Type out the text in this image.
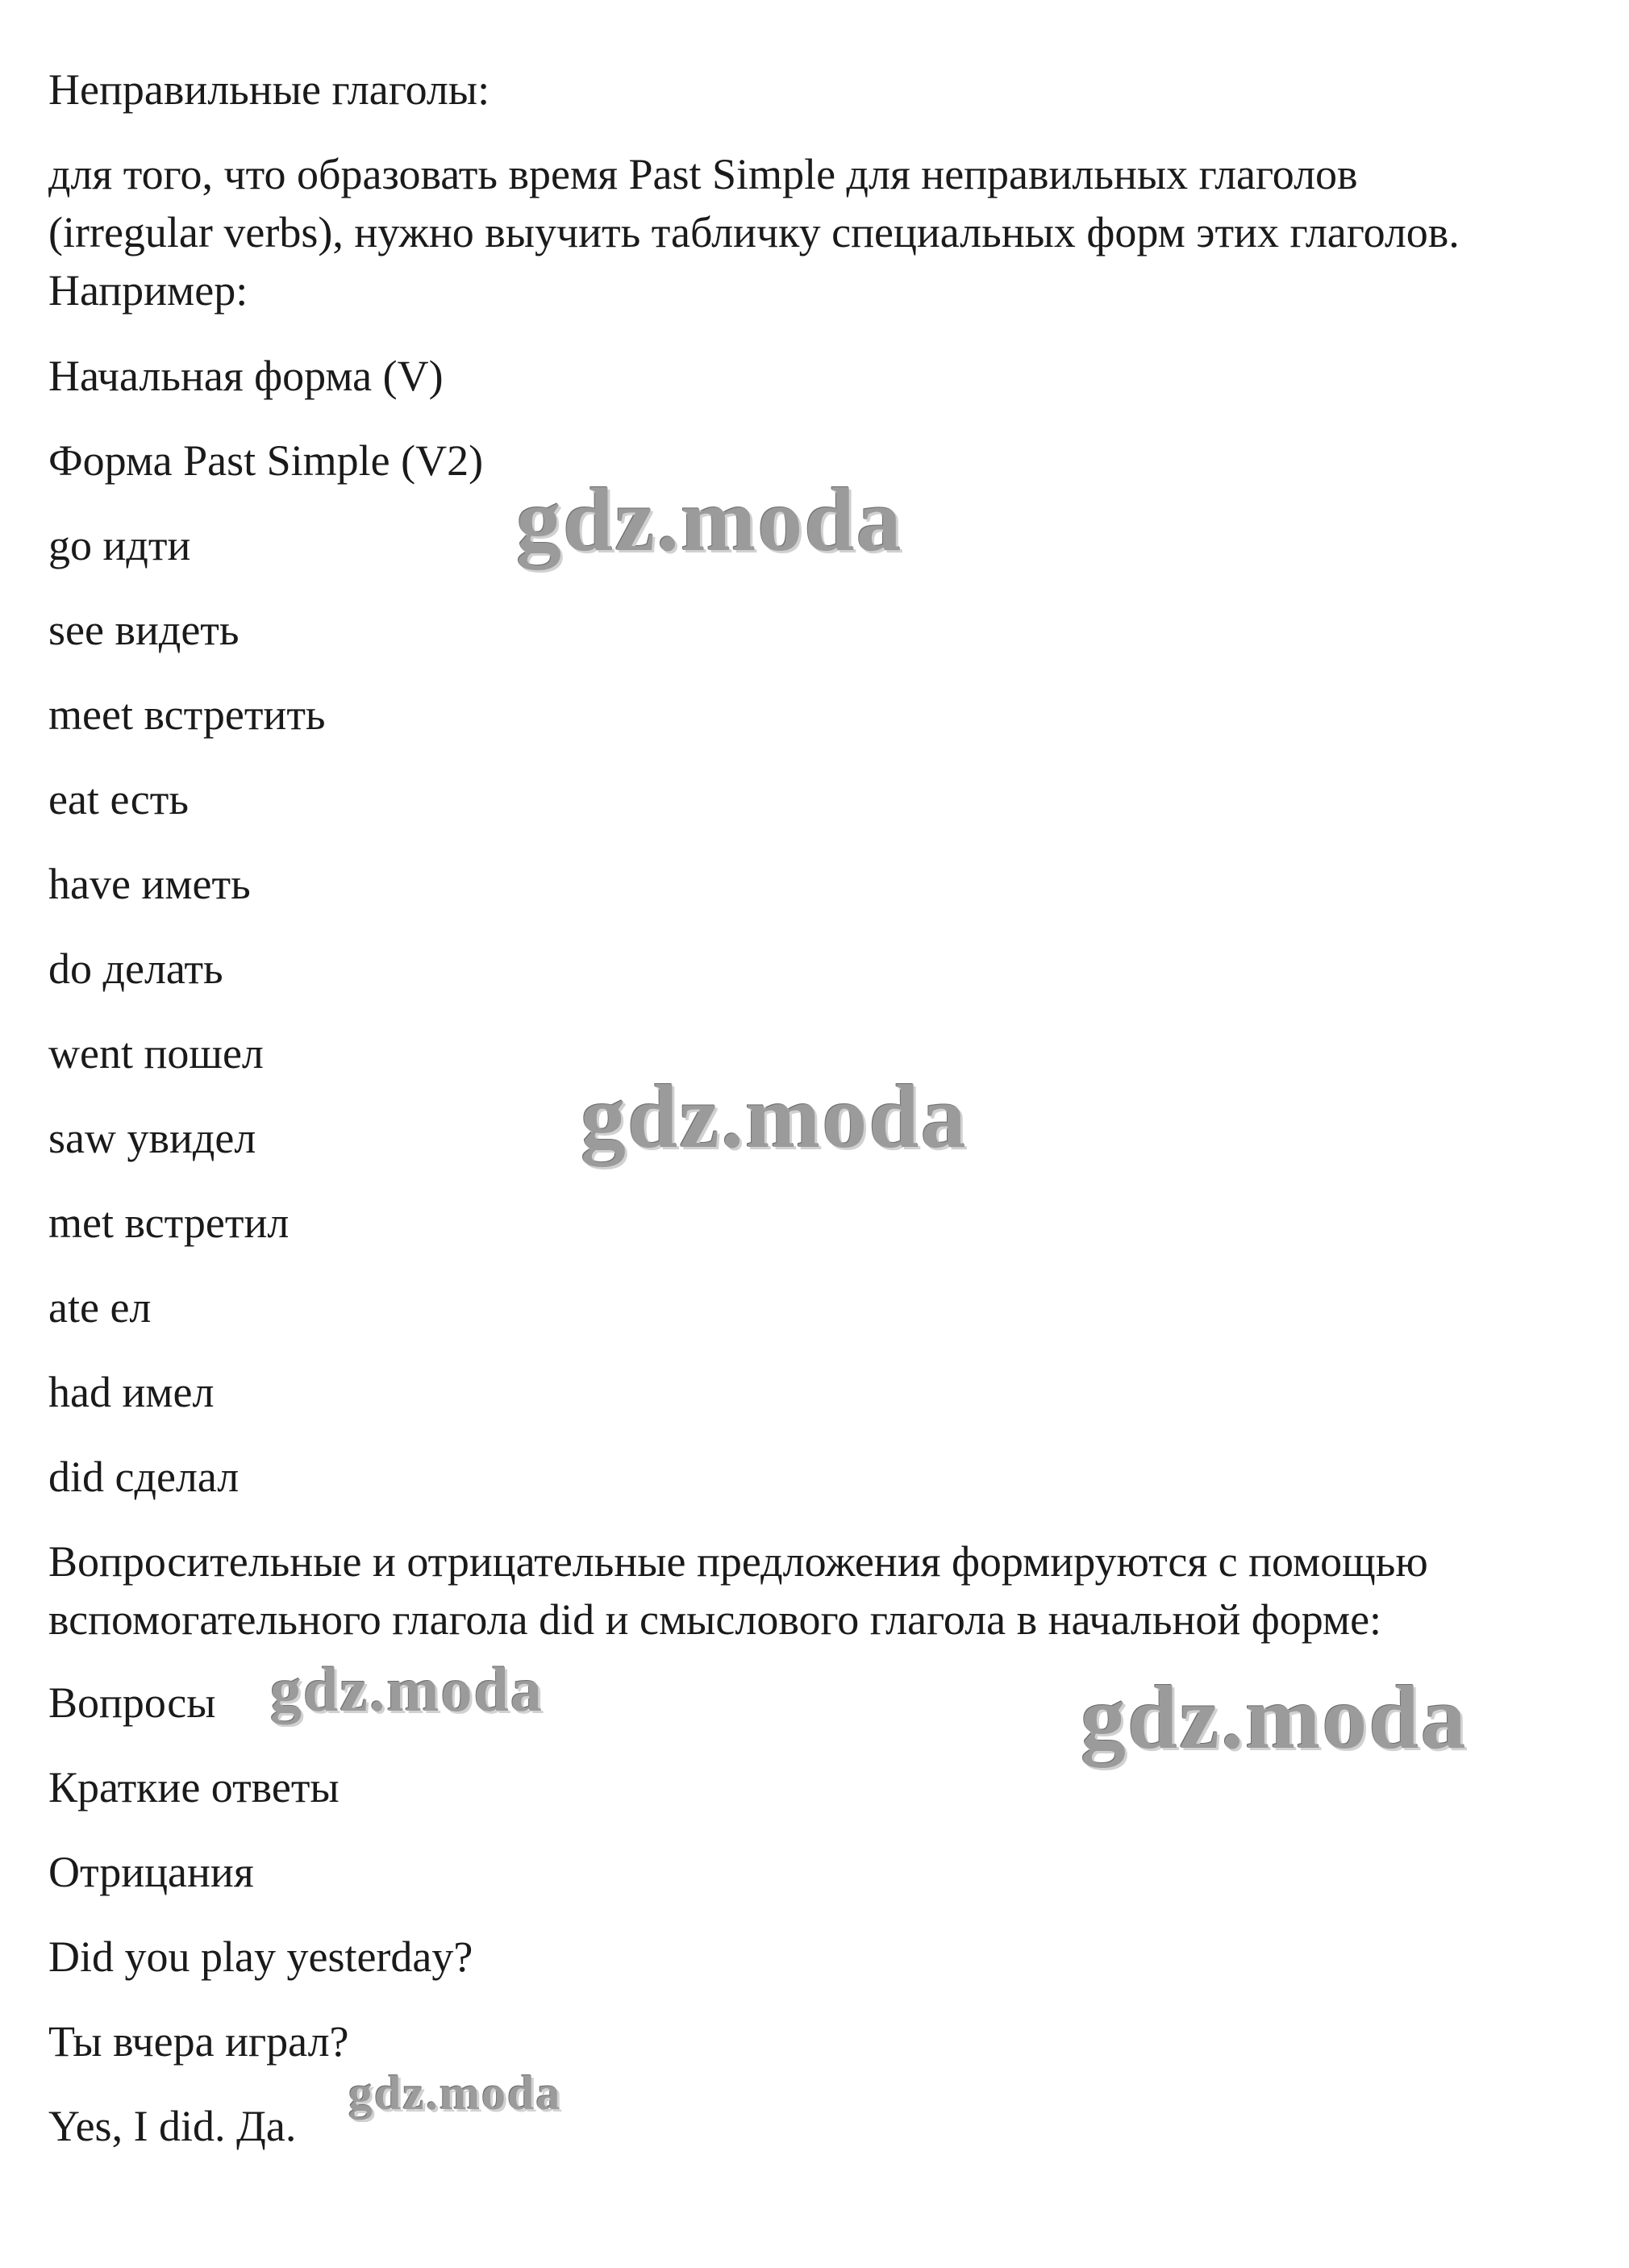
Неправильные глаголы:

для того, что образовать время Past Simple для неправильных глаголов

(irregular verbs), нужно выучить табличку специальных форм этих глаголов.

Например:

Начальная форма (V)

Форма Past Simple (V2)

go идти

see видеть

meet встретить

eat есть

have иметь

do делать

went пошел

saw увидел

met встретил

ate ел

had имел

did сделал

Вопросительные и отрицательные предложения формируются с помощью

вспомогательного глагола did и смыслового глагола в начальной форме:

Вопросы

Краткие ответы

Отрицания

Did you play yesterday?

Ты вчера играл?

Yes, I did. Да.

gdz.moda
gdz.moda
gdz.moda	gdz.moda
gdz.moda
